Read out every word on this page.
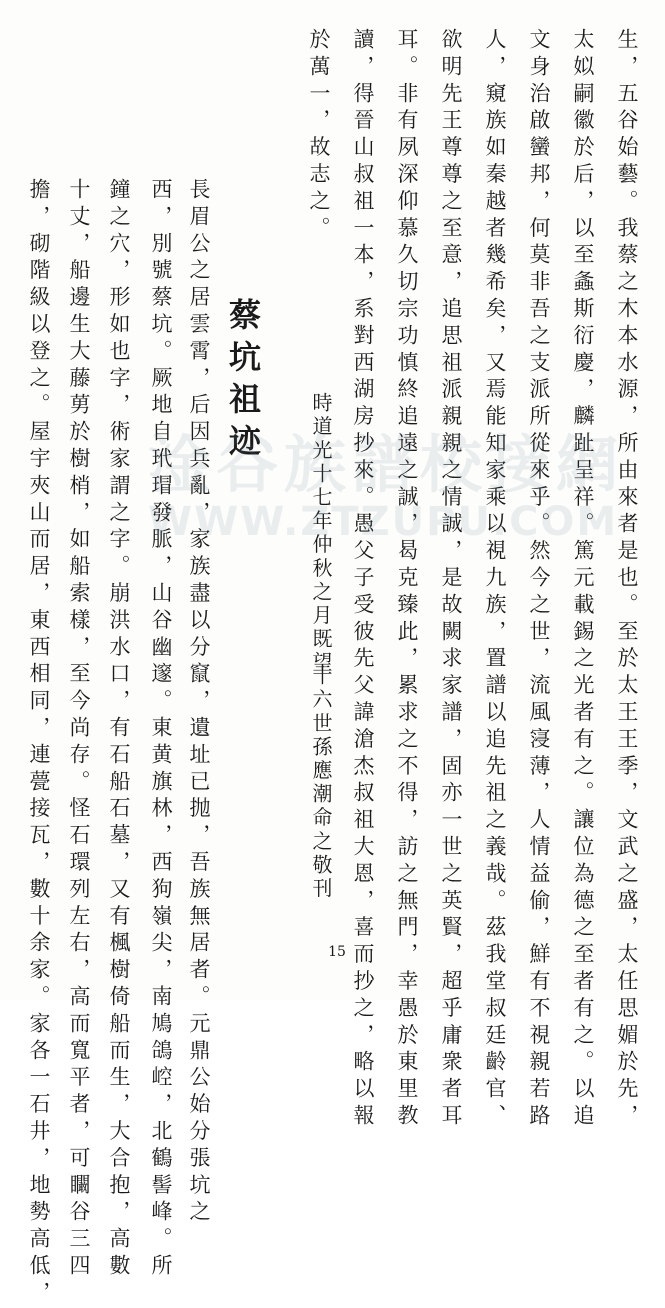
生，五谷始藝。我蔡之木本水源，所由來者是也。至於太王王季，文武之盛，太任思媚於先，
太姒嗣徽於后，以至螽斯衍慶，麟趾呈祥。篤元載錫之光者有之。讓位為德之至者有之。以追
文身治啟蠻邦，何莫非吾之支派所從來乎。然今之世，流風寖薄，人情益偷，鮮有不視親若路
人，窺族如秦越者幾希矣，又焉能知家乘以視九族，置譜以追先祖之義哉。茲我堂叔廷齡官、
欲明先王尊尊之至意，追思祖派親親之情誠，是故闕求家譜，固亦一世之英賢，超乎庸衆者耳
耳。非有夙深仰慕久切宗功慎終追遠之誠，曷克臻此，累求之不得，訪之無門，幸愚於東里教
讀，得晉山叔祖一本，系對西湖房抄來。愚父子受彼先父諱滄杰叔祖大恩，喜而抄之，略以報
於萬一，故志之。
時道光十七年仲秋之月既望
十六世孫應潮命之敬刊
蔡坑祖迹
長眉公之居雲霄，后因兵亂，家族盡以分竄，遺址已抛，吾族無居者。元鼎公始分張坑之
西，別號蔡坑。厥地自玳瑁發脈，山谷幽邃。東黄旗林，西狗嶺尖，南鳩鴿崆，北鶴髻峰。所
鐘之穴，形如也字，術家謂之字。崩洪水口，有石船石墓，又有楓樹倚船而生，大合抱，高數
十丈，船邊生大藤莮於樹梢，如船索樣，至今尚存。怪石環列左右，高而寬平者，可矙谷三四
擔，砌階級以登之。屋宇夾山而居，東西相同，連甍接瓦，數十余家。家各一石井，地勢高低， 淦谷族譜校接網
WWW.ZTZUPU.COM
15
